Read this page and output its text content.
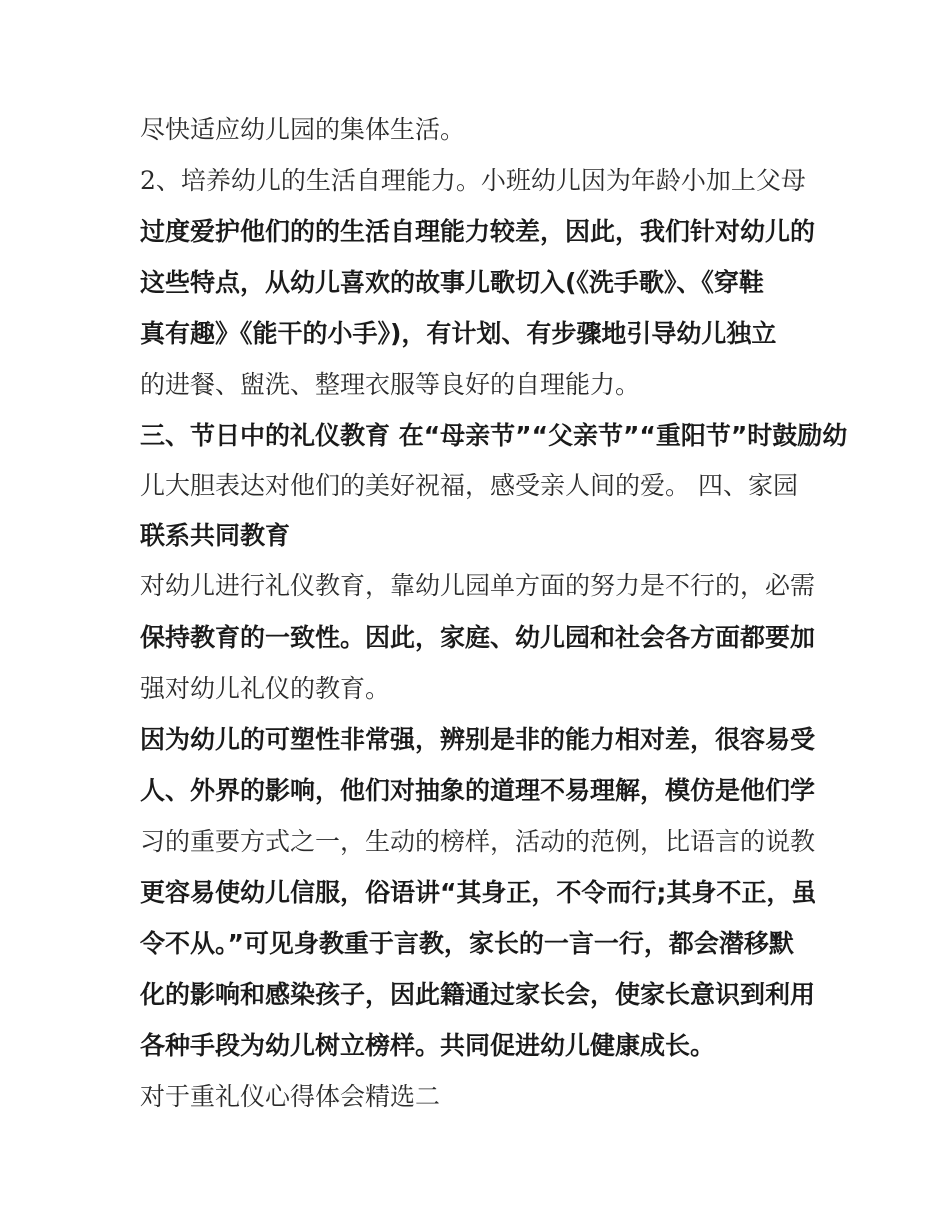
尽快适应幼儿园的集体生活。
2、培养幼儿的生活自理能力。小班幼儿因为年龄小加上父母
过度爱护他们的的生活自理能力较差，因此，我们针对幼儿的
这些特点，从幼儿喜欢的故事儿歌切入(《洗手歌》、《穿鞋
真有趣》《能干的小手》)，有计划、有步骤地引导幼儿独立
的进餐、盥洗、整理衣服等良好的自理能力。
三、节日中的礼仪教育 在“母亲节”“父亲节”“重阳节”时鼓励幼
儿大胆表达对他们的美好祝福，感受亲人间的爱。 四、家园
联系共同教育
对幼儿进行礼仪教育，靠幼儿园单方面的努力是不行的，必需
保持教育的一致性。因此，家庭、幼儿园和社会各方面都要加
强对幼儿礼仪的教育。
因为幼儿的可塑性非常强，辨别是非的能力相对差，很容易受
人、外界的影响，他们对抽象的道理不易理解，模仿是他们学
习的重要方式之一，生动的榜样，活动的范例，比语言的说教
更容易使幼儿信服，俗语讲“其身正，不令而行;其身不正，虽
令不从。”可见身教重于言教，家长的一言一行，都会潜移默
化的影响和感染孩子，因此籍通过家长会，使家长意识到利用
各种手段为幼儿树立榜样。共同促进幼儿健康成长。
对于重礼仪心得体会精选二
